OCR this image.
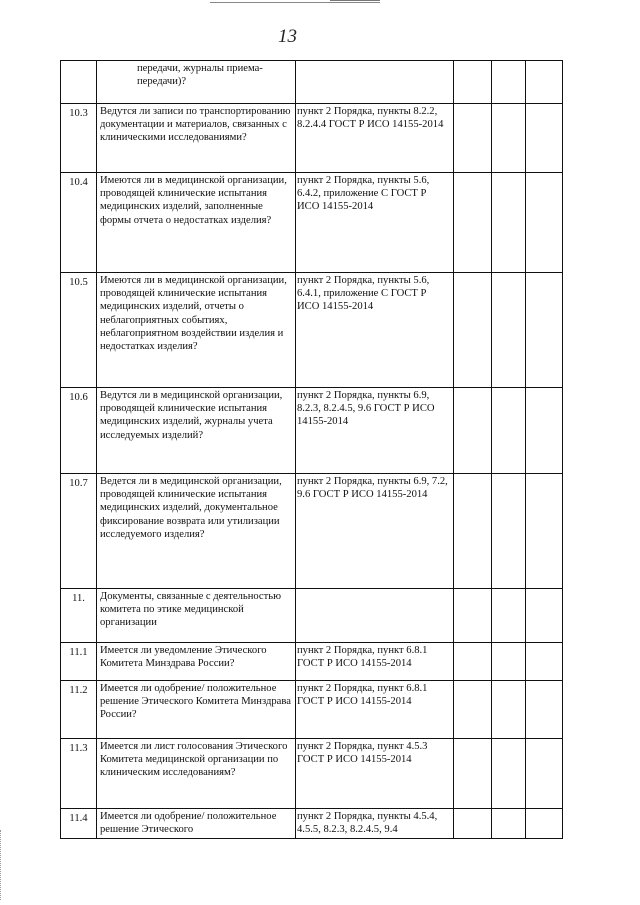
13
	передачи, журналы приема-передачи)?				
10.3	Ведутся ли записи по транспортированию документации и материалов, связанных с клиническими исследованиями?	пункт 2 Порядка, пункты 8.2.2, 8.2.4.4 ГОСТ Р ИСО 14155-2014			
10.4	Имеются ли в медицинской организации, проводящей клинические испытания медицинских изделий, заполненные формы отчета о недостатках изделия?	пункт 2 Порядка, пункты 5.6, 6.4.2, приложение С ГОСТ Р ИСО 14155-2014			
10.5	Имеются ли в медицинской организации, проводящей клинические испытания медицинских изделий, отчеты о неблагоприятных событиях, неблагоприятном воздействии изделия и недостатках изделия?	пункт 2 Порядка, пункты 5.6, 6.4.1, приложение С ГОСТ Р ИСО 14155-2014			
10.6	Ведутся ли в медицинской организации, проводящей клинические испытания медицинских изделий, журналы учета исследуемых изделий?	пункт 2 Порядка, пункты 6.9, 8.2.3, 8.2.4.5, 9.6 ГОСТ Р ИСО 14155-2014			
10.7	Ведется ли в медицинской организации, проводящей клинические испытания медицинских изделий, документальное фиксирование возврата или утилизации исследуемого изделия?	пункт 2 Порядка, пункты 6.9, 7.2, 9.6 ГОСТ Р ИСО 14155-2014			
11.	Документы, связанные с деятельностью комитета по этике медицинской организации				
11.1	Имеется ли уведомление Этического Комитета Минздрава России?	пункт 2 Порядка, пункт 6.8.1 ГОСТ Р ИСО 14155-2014			
11.2	Имеется ли одобрение/ положительное решение Этического Комитета Минздрава России?	пункт 2 Порядка, пункт 6.8.1 ГОСТ Р ИСО 14155-2014			
11.3	Имеется ли лист голосования Этического Комитета медицинской организации по клиническим исследованиям?	пункт 2 Порядка, пункт 4.5.3 ГОСТ Р ИСО 14155-2014			
11.4	Имеется ли одобрение/ положительное решение Этического	пункт 2 Порядка, пункты 4.5.4, 4.5.5, 8.2.3, 8.2.4.5, 9.4			
